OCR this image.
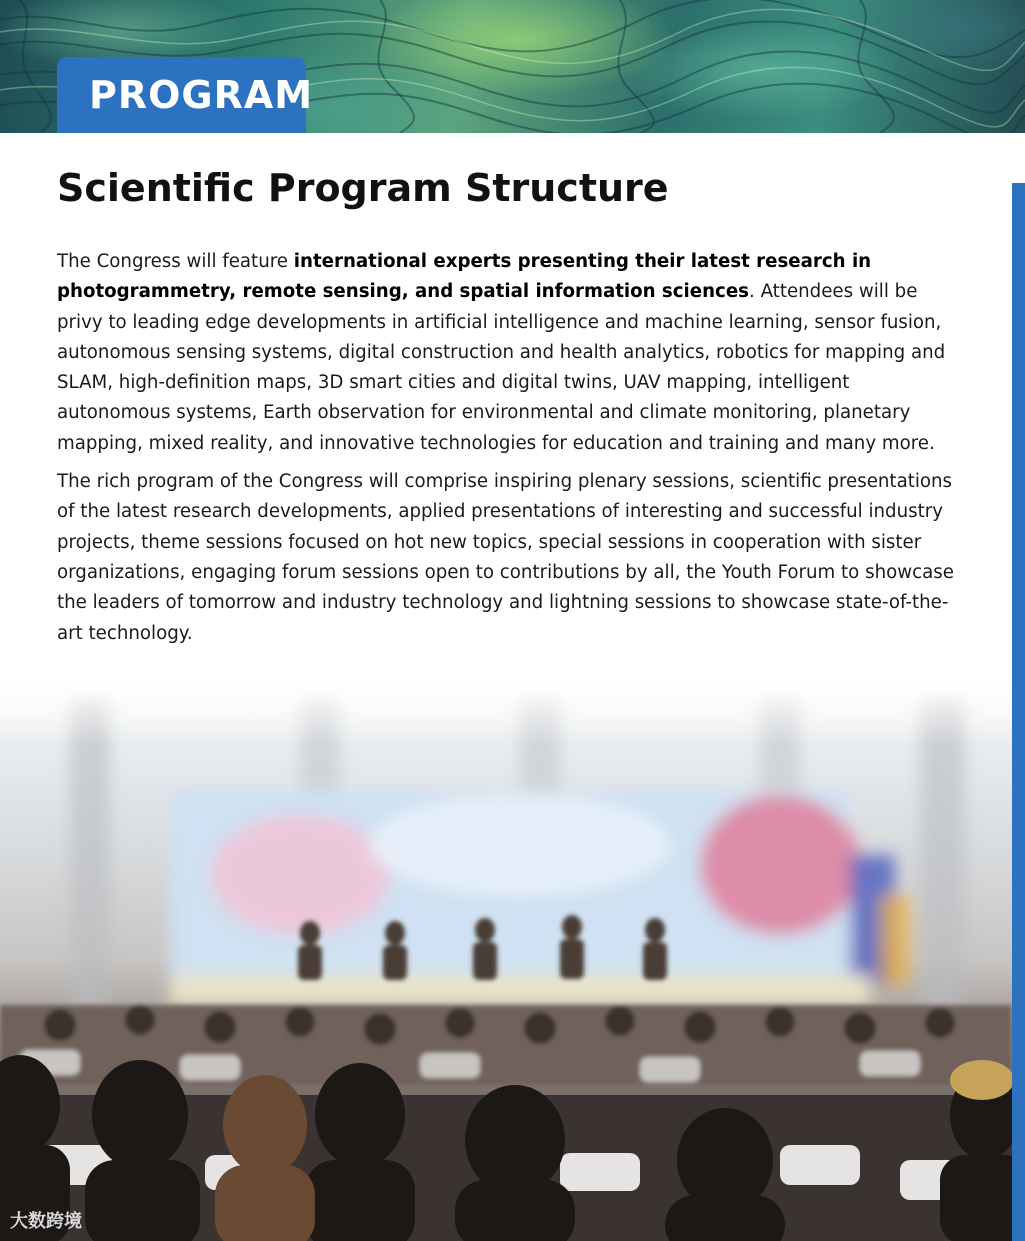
PROGRAM
Scientific Program Structure

The Congress will feature international experts presenting their latest research in photogrammetry, remote sensing, and spatial information sciences. Attendees will be privy to leading edge developments in artificial intelligence and machine learning, sensor fusion, autonomous sensing systems, digital construction and health analytics, robotics for mapping and SLAM, high-definition maps, 3D smart cities and digital twins, UAV mapping, intelligent autonomous systems, Earth observation for environmental and climate monitoring, planetary mapping, mixed reality, and innovative technologies for education and training and many more.

The rich program of the Congress will comprise inspiring plenary sessions, scientific presentations of the latest research developments, applied presentations of interesting and successful industry projects, theme sessions focused on hot new topics, special sessions in cooperation with sister organizations, engaging forum sessions open to contributions by all, the Youth Forum to showcase the leaders of tomorrow and industry technology and lightning sessions to showcase state-of-the-art technology.

大数跨境
